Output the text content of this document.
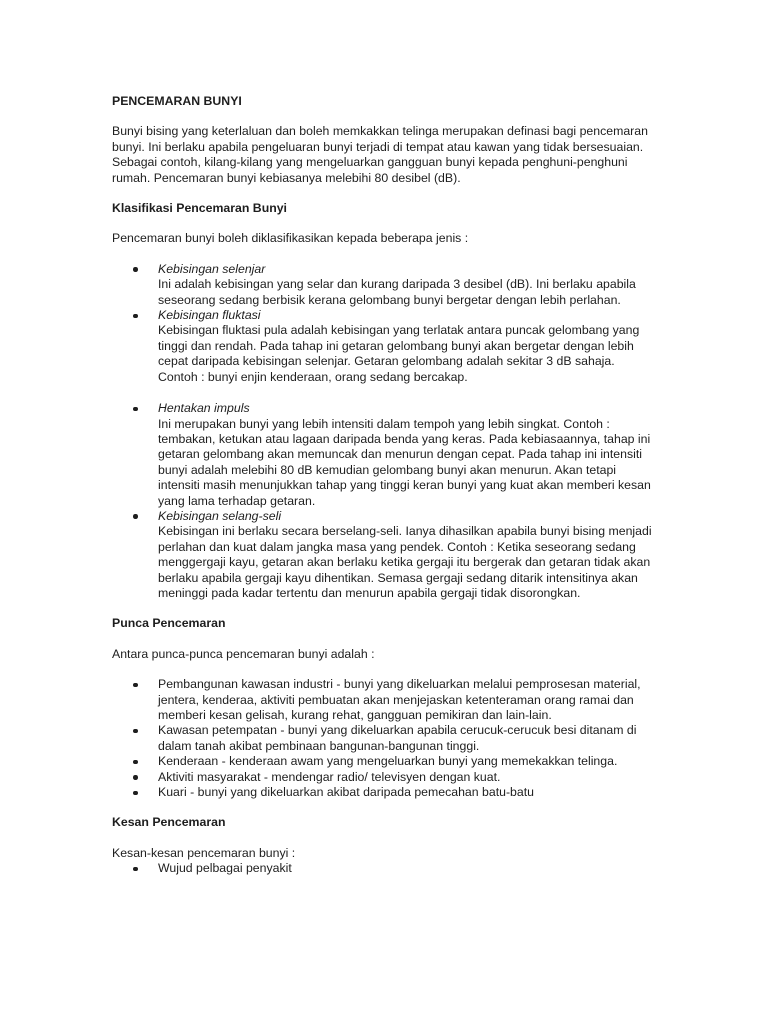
PENCEMARAN BUNYI

Bunyi bising yang keterlaluan dan boleh memkakkan telinga merupakan definasi bagi pencemaran bunyi. Ini berlaku apabila pengeluaran bunyi terjadi di tempat atau kawan yang tidak bersesuaian. Sebagai contoh, kilang-kilang yang mengeluarkan gangguan bunyi kepada penghuni-penghuni rumah. Pencemaran bunyi kebiasanya melebihi 80 desibel (dB).

Klasifikasi Pencemaran Bunyi

Pencemaran bunyi boleh diklasifikasikan kepada beberapa jenis :

Kebisingan selenjar
Ini adalah kebisingan yang selar dan kurang daripada 3 desibel (dB). Ini berlaku apabila seseorang sedang berbisik kerana gelombang bunyi bergetar dengan lebih perlahan.
Kebisingan fluktasi
Kebisingan fluktasi pula adalah kebisingan yang terlatak antara puncak gelombang yang tinggi dan rendah. Pada tahap ini getaran gelombang bunyi akan bergetar dengan lebih cepat daripada kebisingan selenjar. Getaran gelombang adalah sekitar 3 dB sahaja. Contoh : bunyi enjin kenderaan, orang sedang bercakap.
Hentakan impuls
Ini merupakan bunyi yang lebih intensiti dalam tempoh yang lebih singkat. Contoh : tembakan, ketukan atau lagaan daripada benda yang keras. Pada kebiasaannya, tahap ini getaran gelombang akan memuncak dan menurun dengan cepat. Pada tahap ini intensiti bunyi adalah melebihi 80 dB kemudian gelombang bunyi akan menurun. Akan tetapi intensiti masih menunjukkan tahap yang tinggi keran bunyi yang kuat akan memberi kesan yang lama terhadap getaran.
Kebisingan selang-seli
Kebisingan ini berlaku secara berselang-seli. Ianya dihasilkan apabila bunyi bising menjadi perlahan dan kuat dalam jangka masa yang pendek. Contoh : Ketika seseorang sedang menggergaji kayu, getaran akan berlaku ketika gergaji itu bergerak dan getaran tidak akan berlaku apabila gergaji kayu dihentikan. Semasa gergaji sedang ditarik intensitinya akan meninggi pada kadar tertentu dan menurun apabila gergaji tidak disorongkan.

Punca Pencemaran

Antara punca-punca pencemaran bunyi adalah :

Pembangunan kawasan industri - bunyi yang dikeluarkan melalui pemprosesan material, jentera, kenderaa, aktiviti pembuatan akan menjejaskan ketenteraman orang ramai dan memberi kesan gelisah, kurang rehat, gangguan pemikiran dan lain-lain.
Kawasan petempatan - bunyi yang dikeluarkan apabila cerucuk-cerucuk besi ditanam di dalam tanah akibat pembinaan bangunan-bangunan tinggi.
Kenderaan - kenderaan awam yang mengeluarkan bunyi yang memekakkan telinga.
Aktiviti masyarakat - mendengar radio/ televisyen dengan kuat.
Kuari - bunyi yang dikeluarkan akibat daripada pemecahan batu-batu

Kesan Pencemaran

Kesan-kesan pencemaran bunyi :

Wujud pelbagai penyakit
